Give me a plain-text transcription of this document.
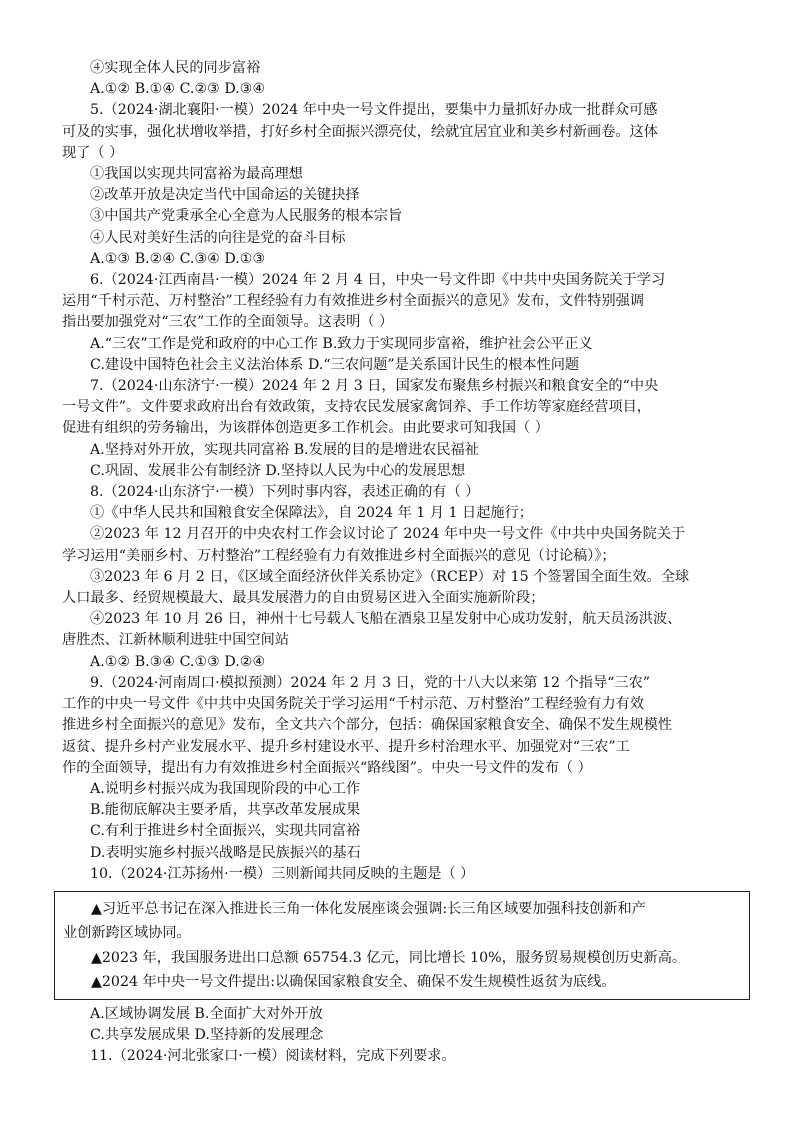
④实现全体人民的同步富裕

A.①② B.①④ C.②③ D.③④

5.（2024·湖北襄阳·一模）2024 年中央一号文件提出，要集中力量抓好办成一批群众可感

可及的实事，强化状增收举措，打好乡村全面振兴漂亮仗，绘就宜居宜业和美乡村新画卷。这体

现了（ ）

①我国以实现共同富裕为最高理想

②改革开放是决定当代中国命运的关键抉择

③中国共产党秉承全心全意为人民服务的根本宗旨

④人民对美好生活的向往是党的奋斗目标

A.①③ B.②④ C.③④ D.①③

6.（2024·江西南昌·一模）2024 年 2 月 4 日，中央一号文件即《中共中央国务院关于学习

运用“千村示范、万村整治”工程经验有力有效推进乡村全面振兴的意见》发布，文件特别强调

指出要加强党对“三农”工作的全面领导。这表明（ ）

A.“三农”工作是党和政府的中心工作 B.致力于实现同步富裕，维护社会公平正义

C.建设中国特色社会主义法治体系 D.“三农问题”是关系国计民生的根本性问题

7.（2024·山东济宁·一模）2024 年 2 月 3 日，国家发布聚焦乡村振兴和粮食安全的“中央

一号文件”。文件要求政府出台有效政策，支持农民发展家禽饲养、手工作坊等家庭经营项目，

促进有组织的劳务输出，为该群体创造更多工作机会。由此要求可知我国（ ）

A.坚持对外开放，实现共同富裕 B.发展的目的是增进农民福祉

C.巩固、发展非公有制经济 D.坚持以人民为中心的发展思想

8.（2024·山东济宁·一模）下列时事内容，表述正确的有（ ）

①《中华人民共和国粮食安全保障法》，自 2024 年 1 月 1 日起施行；

②2023 年 12 月召开的中央农村工作会议讨论了 2024 年中央一号文件《中共中央国务院关于

学习运用“美丽乡村、万村整治”工程经验有力有效推进乡村全面振兴的意见（讨论稿）》；

③2023 年 6 月 2 日，《区域全面经济伙伴关系协定》（RCEP）对 15 个签署国全面生效。全球

人口最多、经贸规模最大、最具发展潜力的自由贸易区进入全面实施新阶段；

④2023 年 10 月 26 日，神州十七号载人飞船在酒泉卫星发射中心成功发射，航天员汤洪波、

唐胜杰、江新林顺利进驻中国空间站

A.①② B.③④ C.①③ D.②④

9.（2024·河南周口·模拟预测）2024 年 2 月 3 日，党的十八大以来第 12 个指导“三农”

工作的中央一号文件《中共中央国务院关于学习运用“千村示范、万村整治”工程经验有力有效

推进乡村全面振兴的意见》发布，全文共六个部分，包括：确保国家粮食安全、确保不发生规模性

返贫、提升乡村产业发展水平、提升乡村建设水平、提升乡村治理水平、加强党对“三农”工

作的全面领导，提出有力有效推进乡村全面振兴“路线图”。中央一号文件的发布（ ）

A.说明乡村振兴成为我国现阶段的中心工作

B.能彻底解决主要矛盾，共享改革发展成果

C.有利于推进乡村全面振兴，实现共同富裕

D.表明实施乡村振兴战略是民族振兴的基石

10.（2024·江苏扬州·一模）三则新闻共同反映的主题是（ ）

▲习近平总书记在深入推进长三角一体化发展座谈会强调:长三角区域要加强科技创新和产

业创新跨区域协同。

▲2023 年，我国服务进出口总额 65754.3 亿元，同比增长 10%，服务贸易规模创历史新高。

▲2024 年中央一号文件提出:以确保国家粮食安全、确保不发生规模性返贫为底线。

A.区域协调发展 B.全面扩大对外开放

C.共享发展成果 D.坚持新的发展理念

11.（2024·河北张家口·一模）阅读材料，完成下列要求。
